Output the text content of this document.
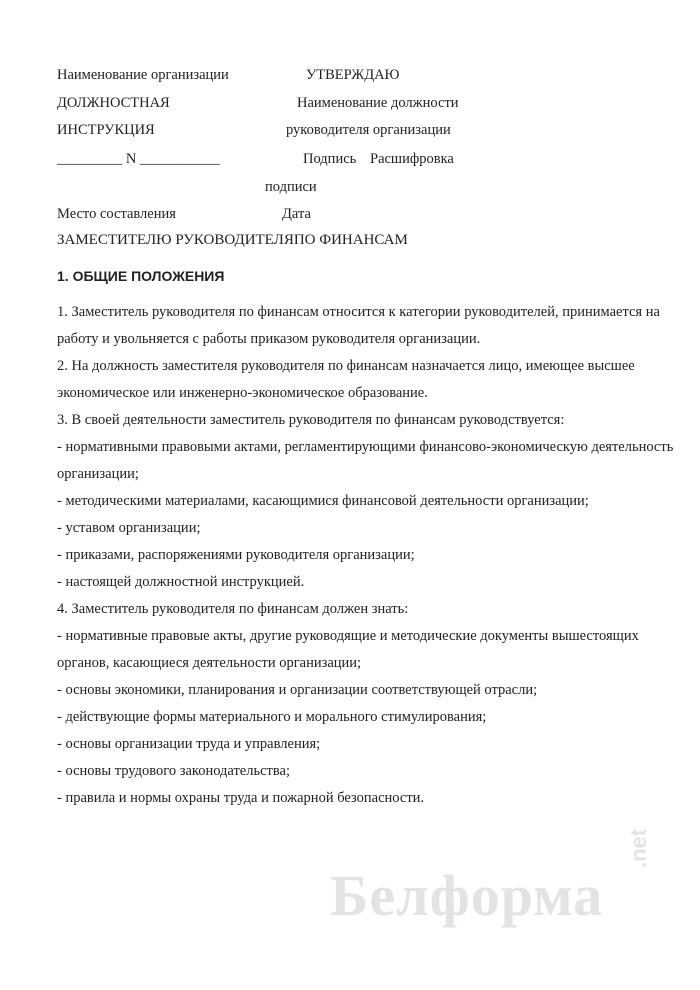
Наименование организации	УТВЕРЖДАЮ
ДОЛЖНОСТНАЯ	Наименование должности
ИНСТРУКЦИЯ	руководителя организации
_________ N ___________	Подпись Расшифровка
подписи
Место составления	Дата
ЗАМЕСТИТЕЛЮ РУКОВОДИТЕЛЯПО ФИНАНСАМ
1. ОБЩИЕ ПОЛОЖЕНИЯ
1. Заместитель руководителя по финансам относится к категории руководителей, принимается на
работу и увольняется с работы приказом руководителя организации.
2. На должность заместителя руководителя по финансам назначается лицо, имеющее высшее
экономическое или инженерно-экономическое образование.
3. В своей деятельности заместитель руководителя по финансам руководствуется:
- нормативными правовыми актами, регламентирующими финансово-экономическую деятельность
организации;
- методическими материалами, касающимися финансовой деятельности организации;
- уставом организации;
- приказами, распоряжениями руководителя организации;
- настоящей должностной инструкцией.
4. Заместитель руководителя по финансам должен знать:
- нормативные правовые акты, другие руководящие и методические документы вышестоящих
органов, касающиеся деятельности организации;
- основы экономики, планирования и организации соответствующей отрасли;
- действующие формы материального и морального стимулирования;
- основы организации труда и управления;
- основы трудового законодательства;
- правила и нормы охраны труда и пожарной безопасности.
Белформа
.net
